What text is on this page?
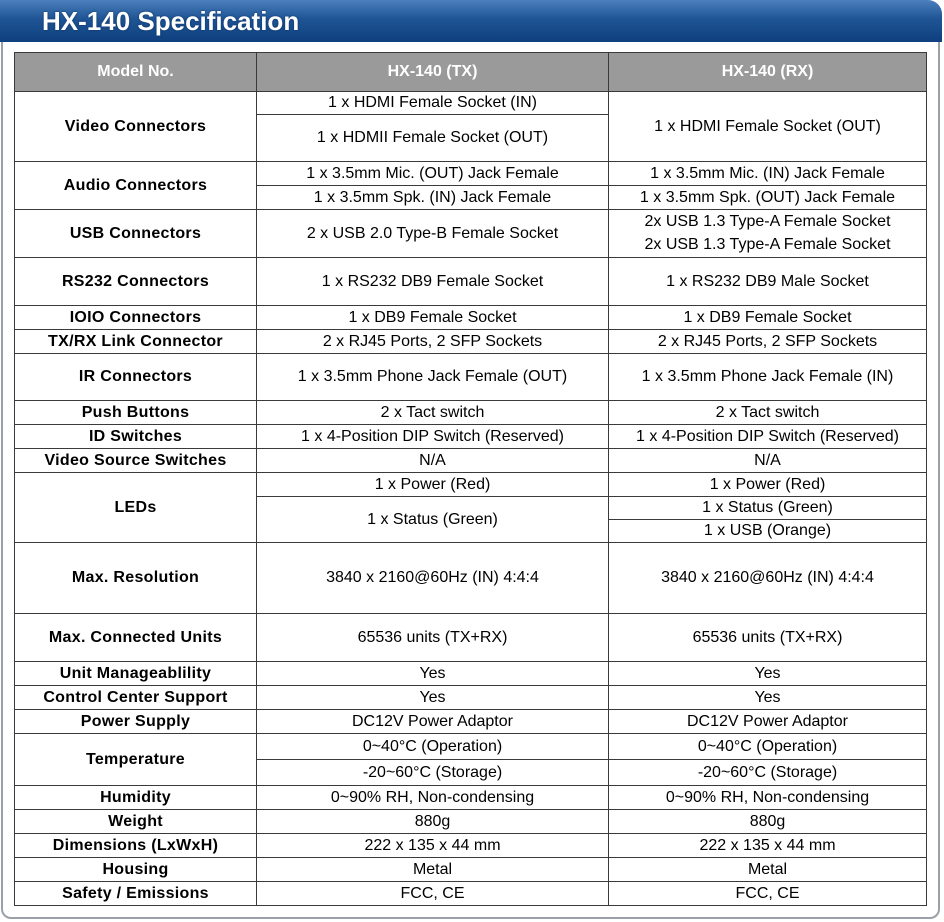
HX-140 Specification
Model No.	HX-140 (TX)	HX-140 (RX)
Video Connectors	1 x HDMI Female Socket (IN)	1 x HDMI Female Socket (OUT)
	1 x HDMII Female Socket (OUT)	
Audio Connectors	1 x 3.5mm Mic. (OUT) Jack Female	1 x 3.5mm Mic. (IN) Jack Female
	1 x 3.5mm Spk. (IN) Jack Female	1 x 3.5mm Spk. (OUT) Jack Female
USB Connectors	2 x USB 2.0 Type-B Female Socket	2x USB 1.3 Type-A Female Socket
		2x USB 1.3 Type-A Female Socket
RS232 Connectors	1 x RS232 DB9 Female Socket	1 x RS232 DB9 Male Socket
IOIO Connectors	1 x DB9 Female Socket	1 x DB9 Female Socket
TX/RX Link Connector	2 x RJ45 Ports, 2 SFP Sockets	2 x RJ45 Ports, 2 SFP Sockets
IR Connectors	1 x 3.5mm Phone Jack Female (OUT)	1 x 3.5mm Phone Jack Female (IN)
Push Buttons	2 x Tact switch	2 x Tact switch
ID Switches	1 x 4-Position DIP Switch (Reserved)	1 x 4-Position DIP Switch (Reserved)
Video Source Switches	N/A	N/A
LEDs	1 x Power (Red)	1 x Power (Red)
	1 x Status (Green)	1 x Status (Green)
		1 x USB (Orange)
Max. Resolution	3840 x 2160@60Hz (IN) 4:4:4	3840 x 2160@60Hz (IN) 4:4:4
Max. Connected Units	65536 units (TX+RX)	65536 units (TX+RX)
Unit Manageablility	Yes	Yes
Control Center Support	Yes	Yes
Power Supply	DC12V Power Adaptor	DC12V Power Adaptor
Temperature	0~40°C (Operation)	0~40°C (Operation)
	-20~60°C (Storage)	-20~60°C (Storage)
Humidity	0~90% RH, Non-condensing	0~90% RH, Non-condensing
Weight	880g	880g
Dimensions (LxWxH)	222 x 135 x 44 mm	222 x 135 x 44 mm
Housing	Metal	Metal
Safety / Emissions	FCC, CE	FCC, CE
